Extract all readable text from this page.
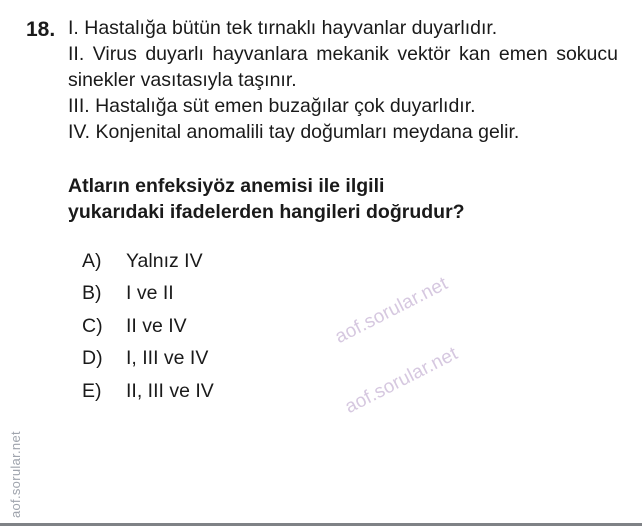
aof.sorular.net
aof.sorular.net
aof.sorular.net
18. I. Hastalığa bütün tek tırnaklı hayvanlar duyarlıdır.

II. Virus duyarlı hayvanlara mekanik vektör kan emen sokucu sinekler vasıtasıyla taşınır.

III. Hastalığa süt emen buzağılar çok duyarlıdır.

IV. Konjenital anomalili tay doğumları meydana gelir.

Atların enfeksiyöz anemisi ile ilgili
yukarıdaki ifadelerden hangileri doğrudur?
A)	Yalnız IV
B)	I ve II
C)	II ve IV
D)	I, III ve IV
E)	II, III ve IV
